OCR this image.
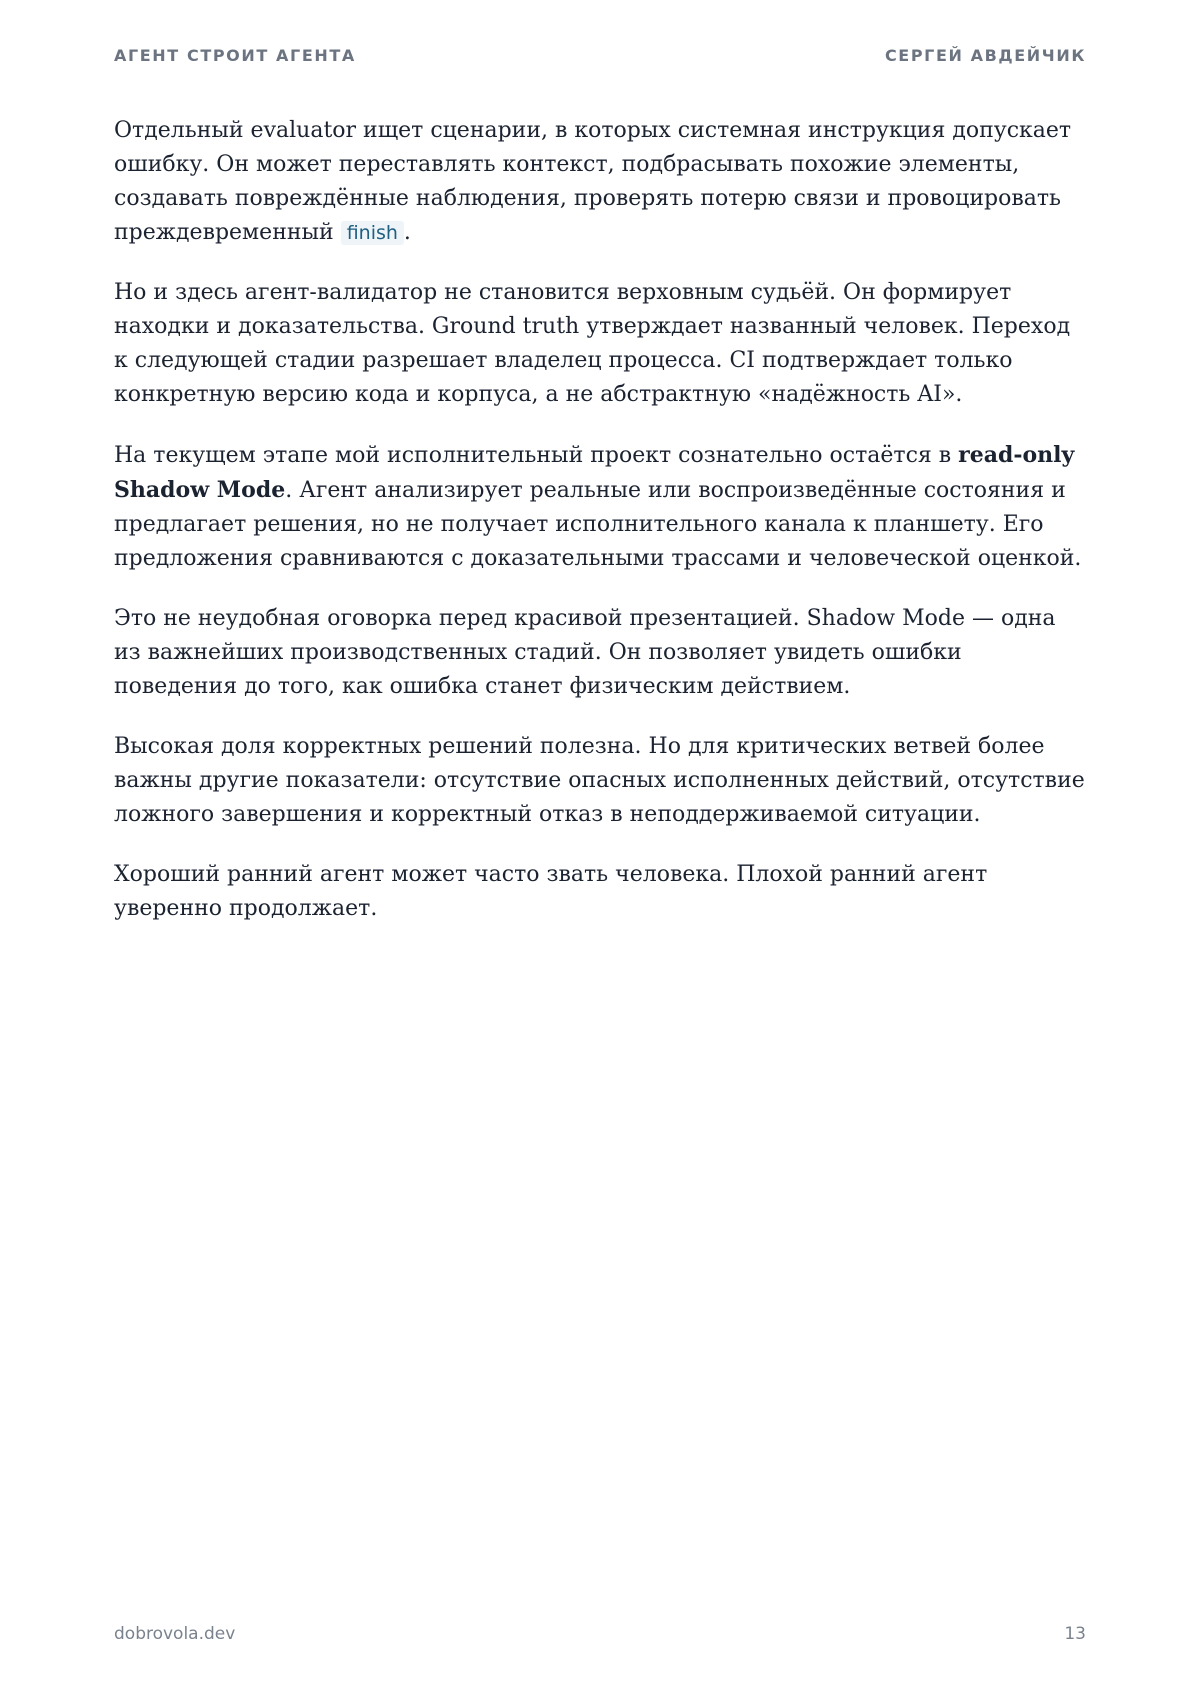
АГЕНТ СТРОИТ АГЕНТА	СЕРГЕЙ АВДЕЙЧИК

Отдельный evaluator ищет сценарии, в которых системная инструкция допускает ошибку. Он может переставлять контекст, подбрасывать похожие элементы, создавать повреждённые наблюдения, проверять потерю связи и провоцировать преждевременный finish .

Но и здесь агент-валидатор не становится верховным судьёй. Он формирует находки и доказательства. Ground truth утверждает названный человек. Переход к следующей стадии разрешает владелец процесса. CI подтверждает только конкретную версию кода и корпуса, а не абстрактную «надёжность AI».

На текущем этапе мой исполнительный проект сознательно остаётся в read-only Shadow Mode. Агент анализирует реальные или воспроизведённые состояния и предлагает решения, но не получает исполнительного канала к планшету. Его предложения сравниваются с доказательными трассами и человеческой оценкой.

Это не неудобная оговорка перед красивой презентацией. Shadow Mode — одна из важнейших производственных стадий. Он позволяет увидеть ошибки поведения до того, как ошибка станет физическим действием.

Высокая доля корректных решений полезна. Но для критических ветвей более важны другие показатели: отсутствие опасных исполненных действий, отсутствие ложного завершения и корректный отказ в неподдерживаемой ситуации.

Хороший ранний агент может часто звать человека. Плохой ранний агент уверенно продолжает.

dobrovola.dev	13
